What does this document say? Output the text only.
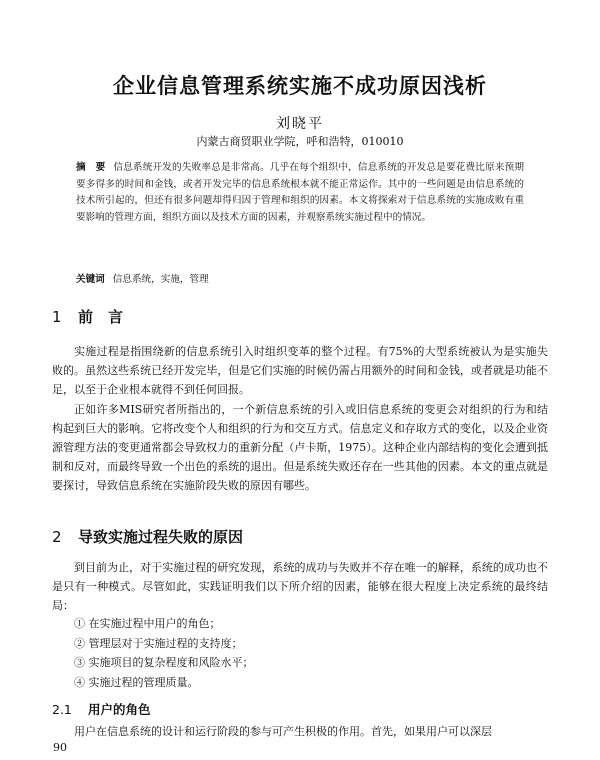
企业信息管理系统实施不成功原因浅析
刘晓平
内蒙古商贸职业学院，呼和浩特，010010
摘　要 信息系统开发的失败率总是非常高。几乎在每个组织中，信息系统的开发总是要花费比原来预期要多得多的时间和金钱，或者开发完毕的信息系统根本就不能正常运作。其中的一些问题是由信息系统的技术所引起的，但还有很多问题却得归因于管理和组织的因素。本文将探索对于信息系统的实施成败有重要影响的管理方面，组织方面以及技术方面的因素，并观察系统实施过程中的情况。
关键词 信息系统，实施，管理
1 前　言

实施过程是指围绕新的信息系统引入时组织变革的整个过程。有75%的大型系统被认为是实施失败的。虽然这些系统已经开发完毕，但是它们实施的时候仍需占用额外的时间和金钱，或者就是功能不足，以至于企业根本就得不到任何回报。

正如许多MIS研究者所指出的，一个新信息系统的引入或旧信息系统的变更会对组织的行为和结构起到巨大的影响。它将改变个人和组织的行为和交互方式。信息定义和存取方式的变化，以及企业资源管理方法的变更通常都会导致权力的重新分配（卢卡斯，1975）。这种企业内部结构的变化会遭到抵制和反对，而最终导致一个出色的系统的退出。但是系统失败还存在一些其他的因素。本文的重点就是要探讨，导致信息系统在实施阶段失败的原因有哪些。

2 导致实施过程失败的原因

到目前为止，对于实施过程的研究发现，系统的成功与失败并不存在唯一的解释，系统的成功也不是只有一种模式。尽管如此，实践证明我们以下所介绍的因素，能够在很大程度上决定系统的最终结局：

① 在实施过程中用户的角色；
② 管理层对于实施过程的支持度；
③ 实施项目的复杂程度和风险水平；
④ 实施过程的管理质量。
2.1 用户的角色

用户在信息系统的设计和运行阶段的参与可产生积极的作用。首先，如果用户可以深层

90
